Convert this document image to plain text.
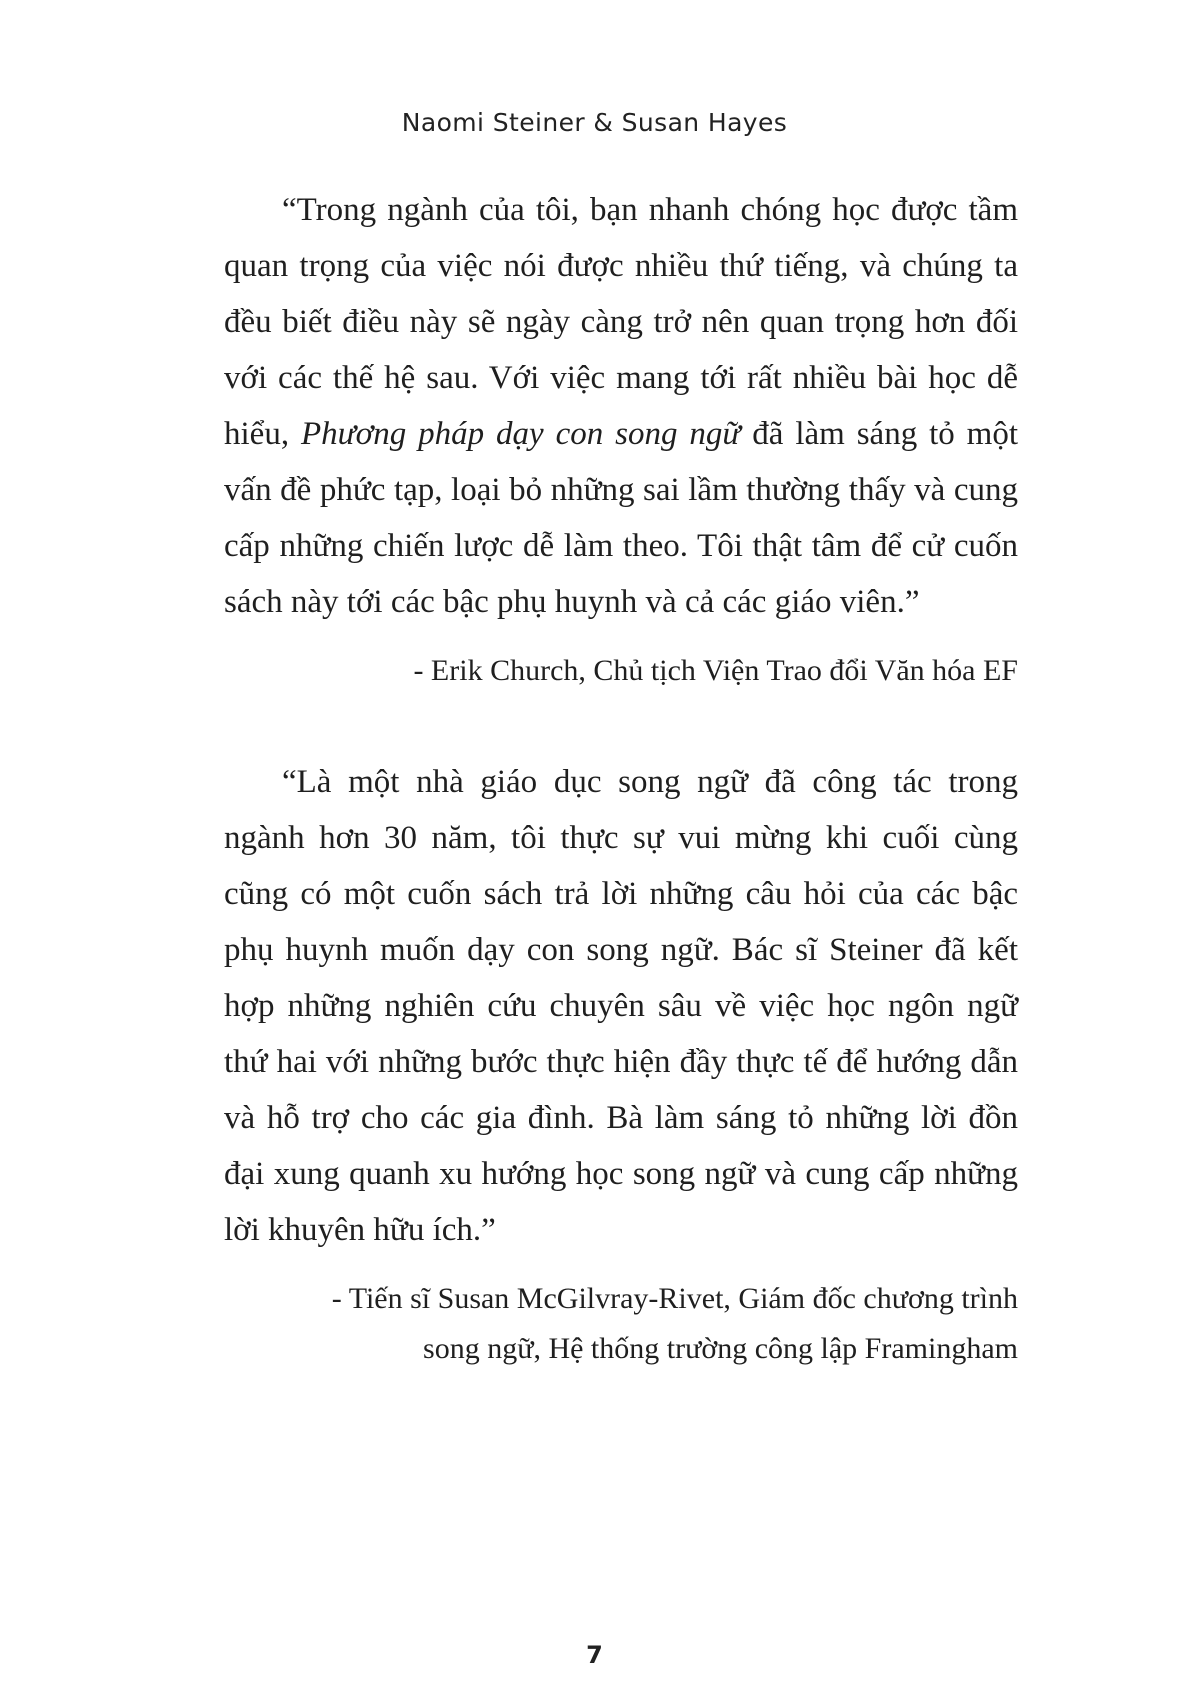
Naomi Steiner & Susan Hayes

“Trong ngành của tôi, bạn nhanh chóng học được tầm quan trọng của việc nói được nhiều thứ tiếng, và chúng ta đều biết điều này sẽ ngày càng trở nên quan trọng hơn đối với các thế hệ sau. Với việc mang tới rất nhiều bài học dễ hiểu, Phương pháp dạy con song ngữ đã làm sáng tỏ một vấn đề phức tạp, loại bỏ những sai lầm thường thấy và cung cấp những chiến lược dễ làm theo. Tôi thật tâm để cử cuốn sách này tới các bậc phụ huynh và cả các giáo viên.”

- Erik Church, Chủ tịch Viện Trao đổi Văn hóa EF

“Là một nhà giáo dục song ngữ đã công tác trong ngành hơn 30 năm, tôi thực sự vui mừng khi cuối cùng cũng có một cuốn sách trả lời những câu hỏi của các bậc phụ huynh muốn dạy con song ngữ. Bác sĩ Steiner đã kết hợp những nghiên cứu chuyên sâu về việc học ngôn ngữ thứ hai với những bước thực hiện đầy thực tế để hướng dẫn và hỗ trợ cho các gia đình. Bà làm sáng tỏ những lời đồn đại xung quanh xu hướng học song ngữ và cung cấp những lời khuyên hữu ích.”

- Tiến sĩ Susan McGilvray-Rivet, Giám đốc chương trình
song ngữ, Hệ thống trường công lập Framingham

7
